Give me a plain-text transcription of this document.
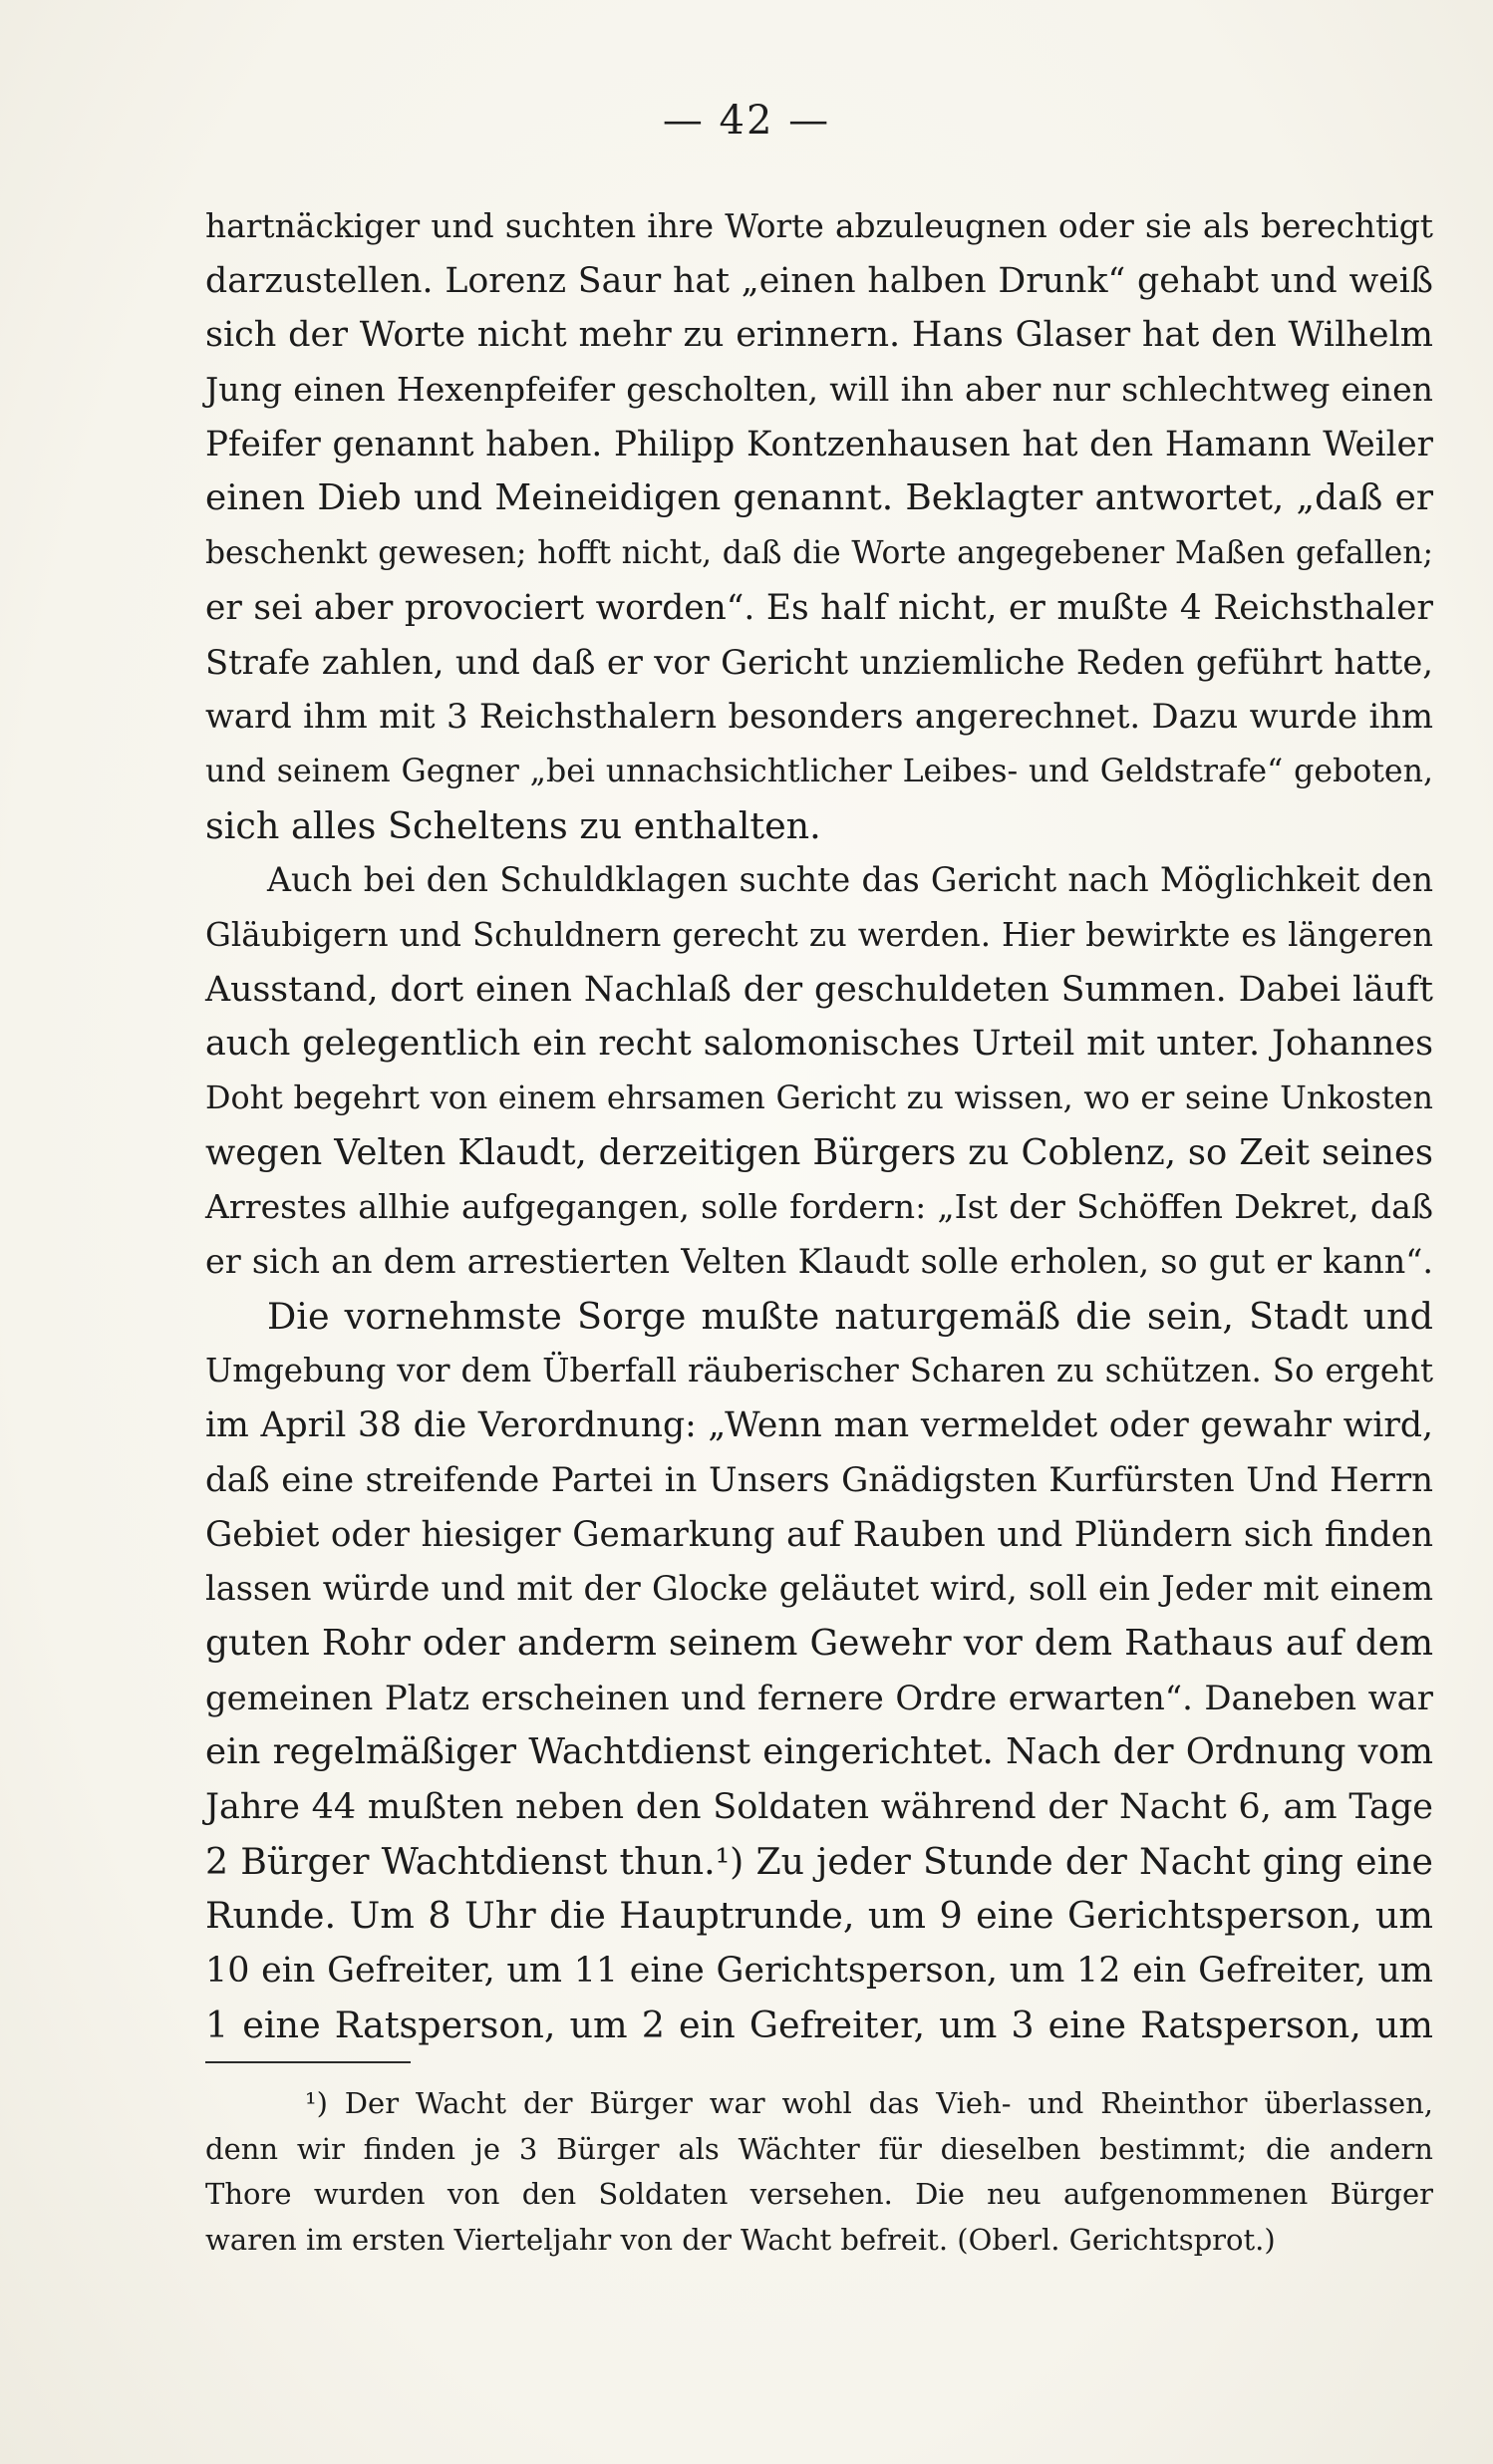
— 42 —
hartnäckiger und suchten ihre Worte abzuleugnen oder sie als berechtigt
darzustellen. Lorenz Saur hat „einen halben Drunk“ gehabt und weiß
sich der Worte nicht mehr zu erinnern. Hans Glaser hat den Wilhelm
Jung einen Hexenpfeifer gescholten, will ihn aber nur schlechtweg einen
Pfeifer genannt haben. Philipp Kontzenhausen hat den Hamann Weiler
einen Dieb und Meineidigen genannt. Beklagter antwortet, „daß er
beschenkt gewesen; hofft nicht, daß die Worte angegebener Maßen gefallen;
er sei aber provociert worden“. Es half nicht, er mußte 4 Reichsthaler
Strafe zahlen, und daß er vor Gericht unziemliche Reden geführt hatte,
ward ihm mit 3 Reichsthalern besonders angerechnet. Dazu wurde ihm
und seinem Gegner „bei unnachsichtlicher Leibes- und Geldstrafe“ geboten,
sich alles Scheltens zu enthalten.
Auch bei den Schuldklagen suchte das Gericht nach Möglichkeit den
Gläubigern und Schuldnern gerecht zu werden. Hier bewirkte es längeren
Ausstand, dort einen Nachlaß der geschuldeten Summen. Dabei läuft
auch gelegentlich ein recht salomonisches Urteil mit unter. Johannes
Doht begehrt von einem ehrsamen Gericht zu wissen, wo er seine Unkosten
wegen Velten Klaudt, derzeitigen Bürgers zu Coblenz, so Zeit seines
Arrestes allhie aufgegangen, solle fordern: „Ist der Schöffen Dekret, daß
er sich an dem arrestierten Velten Klaudt solle erholen, so gut er kann“.
Die vornehmste Sorge mußte naturgemäß die sein, Stadt und
Umgebung vor dem Überfall räuberischer Scharen zu schützen. So ergeht
im April 38 die Verordnung: „Wenn man vermeldet oder gewahr wird,
daß eine streifende Partei in Unsers Gnädigsten Kurfürsten Und Herrn
Gebiet oder hiesiger Gemarkung auf Rauben und Plündern sich finden
lassen würde und mit der Glocke geläutet wird, soll ein Jeder mit einem
guten Rohr oder anderm seinem Gewehr vor dem Rathaus auf dem
gemeinen Platz erscheinen und fernere Ordre erwarten“. Daneben war
ein regelmäßiger Wachtdienst eingerichtet. Nach der Ordnung vom
Jahre 44 mußten neben den Soldaten während der Nacht 6, am Tage
2 Bürger Wachtdienst thun.¹) Zu jeder Stunde der Nacht ging eine
Runde. Um 8 Uhr die Hauptrunde, um 9 eine Gerichtsperson, um
10 ein Gefreiter, um 11 eine Gerichtsperson, um 12 ein Gefreiter, um
1 eine Ratsperson, um 2 ein Gefreiter, um 3 eine Ratsperson, um
¹) Der Wacht der Bürger war wohl das Vieh- und Rheinthor überlassen,
denn wir finden je 3 Bürger als Wächter für dieselben bestimmt; die andern
Thore wurden von den Soldaten versehen. Die neu aufgenommenen Bürger
waren im ersten Vierteljahr von der Wacht befreit. (Oberl. Gerichtsprot.)
